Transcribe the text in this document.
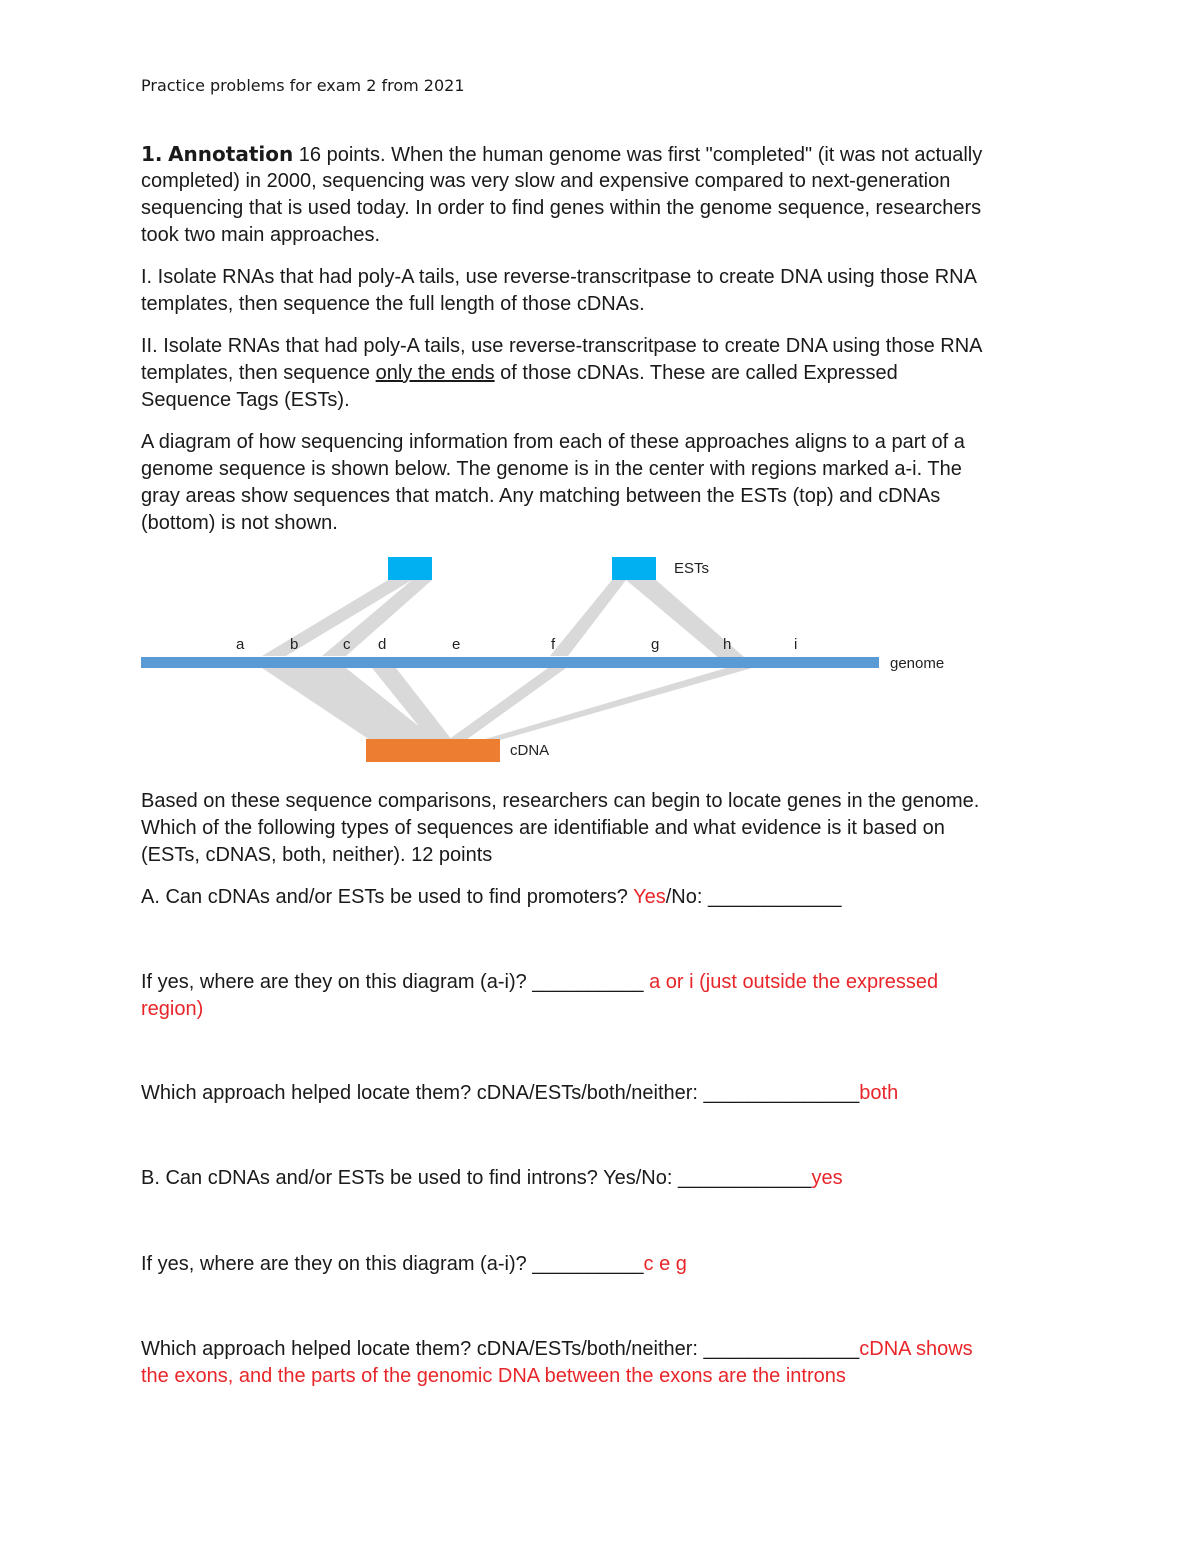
Practice problems for exam 2 from 2021

1. Annotation 16 points. When the human genome was first "completed" (it was not actually

completed) in 2000, sequencing was very slow and expensive compared to next-generation

sequencing that is used today. In order to find genes within the genome sequence, researchers

took two main approaches.

I. Isolate RNAs that had poly-A tails, use reverse-transcritpase to create DNA using those RNA

templates, then sequence the full length of those cDNAs.

II. Isolate RNAs that had poly-A tails, use reverse-transcritpase to create DNA using those RNA

templates, then sequence only the ends of those cDNAs. These are called Expressed

Sequence Tags (ESTs).

A diagram of how sequencing information from each of these approaches aligns to a part of a

genome sequence is shown below. The genome is in the center with regions marked a-i. The

gray areas show sequences that match. Any matching between the ESTs (top) and cDNAs

(bottom) is not shown.

ESTs
a	b	c d	e	f	g	h	i
genome
cDNA

Based on these sequence comparisons, researchers can begin to locate genes in the genome.

Which of the following types of sequences are identifiable and what evidence is it based on

(ESTs, cDNAS, both, neither). 12 points

A. Can cDNAs and/or ESTs be used to find promoters? Yes/No: ____________

If yes, where are they on this diagram (a-i)? __________ a or i (just outside the expressed

region)

Which approach helped locate them? cDNA/ESTs/both/neither: ______________both

B. Can cDNAs and/or ESTs be used to find introns? Yes/No: ____________yes

If yes, where are they on this diagram (a-i)? __________c e g

Which approach helped locate them? cDNA/ESTs/both/neither: ______________cDNA shows

the exons, and the parts of the genomic DNA between the exons are the introns
